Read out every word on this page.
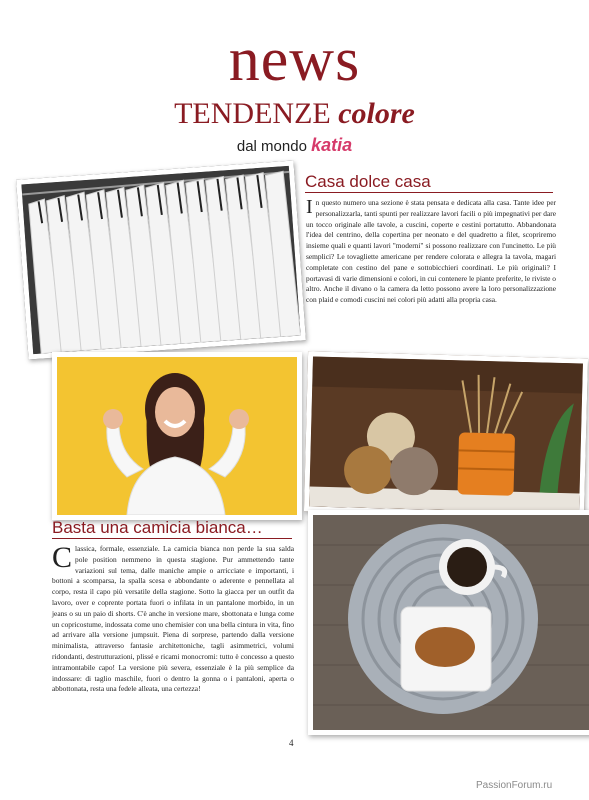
news
TENDENZE colore
dal mondo katia
Casa dolce casa
In questo numero una sezione è stata pensata e dedicata alla casa. Tante idee per personalizzarla, tanti spunti per realizzare lavori facili o più impegnativi per dare un tocco originale alle tavole, a cuscini, coperte e cestini portatutto. Abbandonata l'idea del centrino, della copertina per neonato e del quadretto a filet, scopriremo insieme quali e quanti lavori "moderni" si possono realizzare con l'uncinetto. Le più semplici? Le tovagliette americane per rendere colorata e allegra la tavola, magari completate con cestino del pane e sottobicchieri coordinati. Le più originali? I portavasi di varie dimensioni e colori, in cui contenere le piante preferite, le riviste o altro. Anche il divano o la camera da letto possono avere la loro personalizzazione con plaid e comodi cuscini nei colori più adatti alla propria casa.
Basta una camicia bianca…
Classica, formale, essenziale. La camicia bianca non perde la sua salda pole position nemmeno in questa stagione. Pur ammettendo tante variazioni sul tema, dalle maniche ampie o arricciate e importanti, i bottoni a scomparsa, la spalla scesa e abbondante o aderente e pennellata al corpo, resta il capo più versatile della stagione. Sotto la giacca per un outfit da lavoro, over e coprente portata fuori o infilata in un pantalone morbido, in un jeans o su un paio di shorts. C'è anche in versione mare, sbottonata e lunga come un copricostume, indossata come uno chemisier con una bella cintura in vita, fino ad arrivare alla versione jumpsuit. Piena di sorprese, partendo dalla versione minimalista, attraverso fantasie architettoniche, tagli asimmetrici, volumi ridondanti, destrutturazioni, plissé e ricami monocromi: tutto è concesso a questo intramontabile capo! La versione più severa, essenziale è la più semplice da indossare: di taglio maschile, fuori o dentro la gonna o i pantaloni, aperta o abbottonata, resta una fedele alleata, una certezza!
4
PassionForum.ru
